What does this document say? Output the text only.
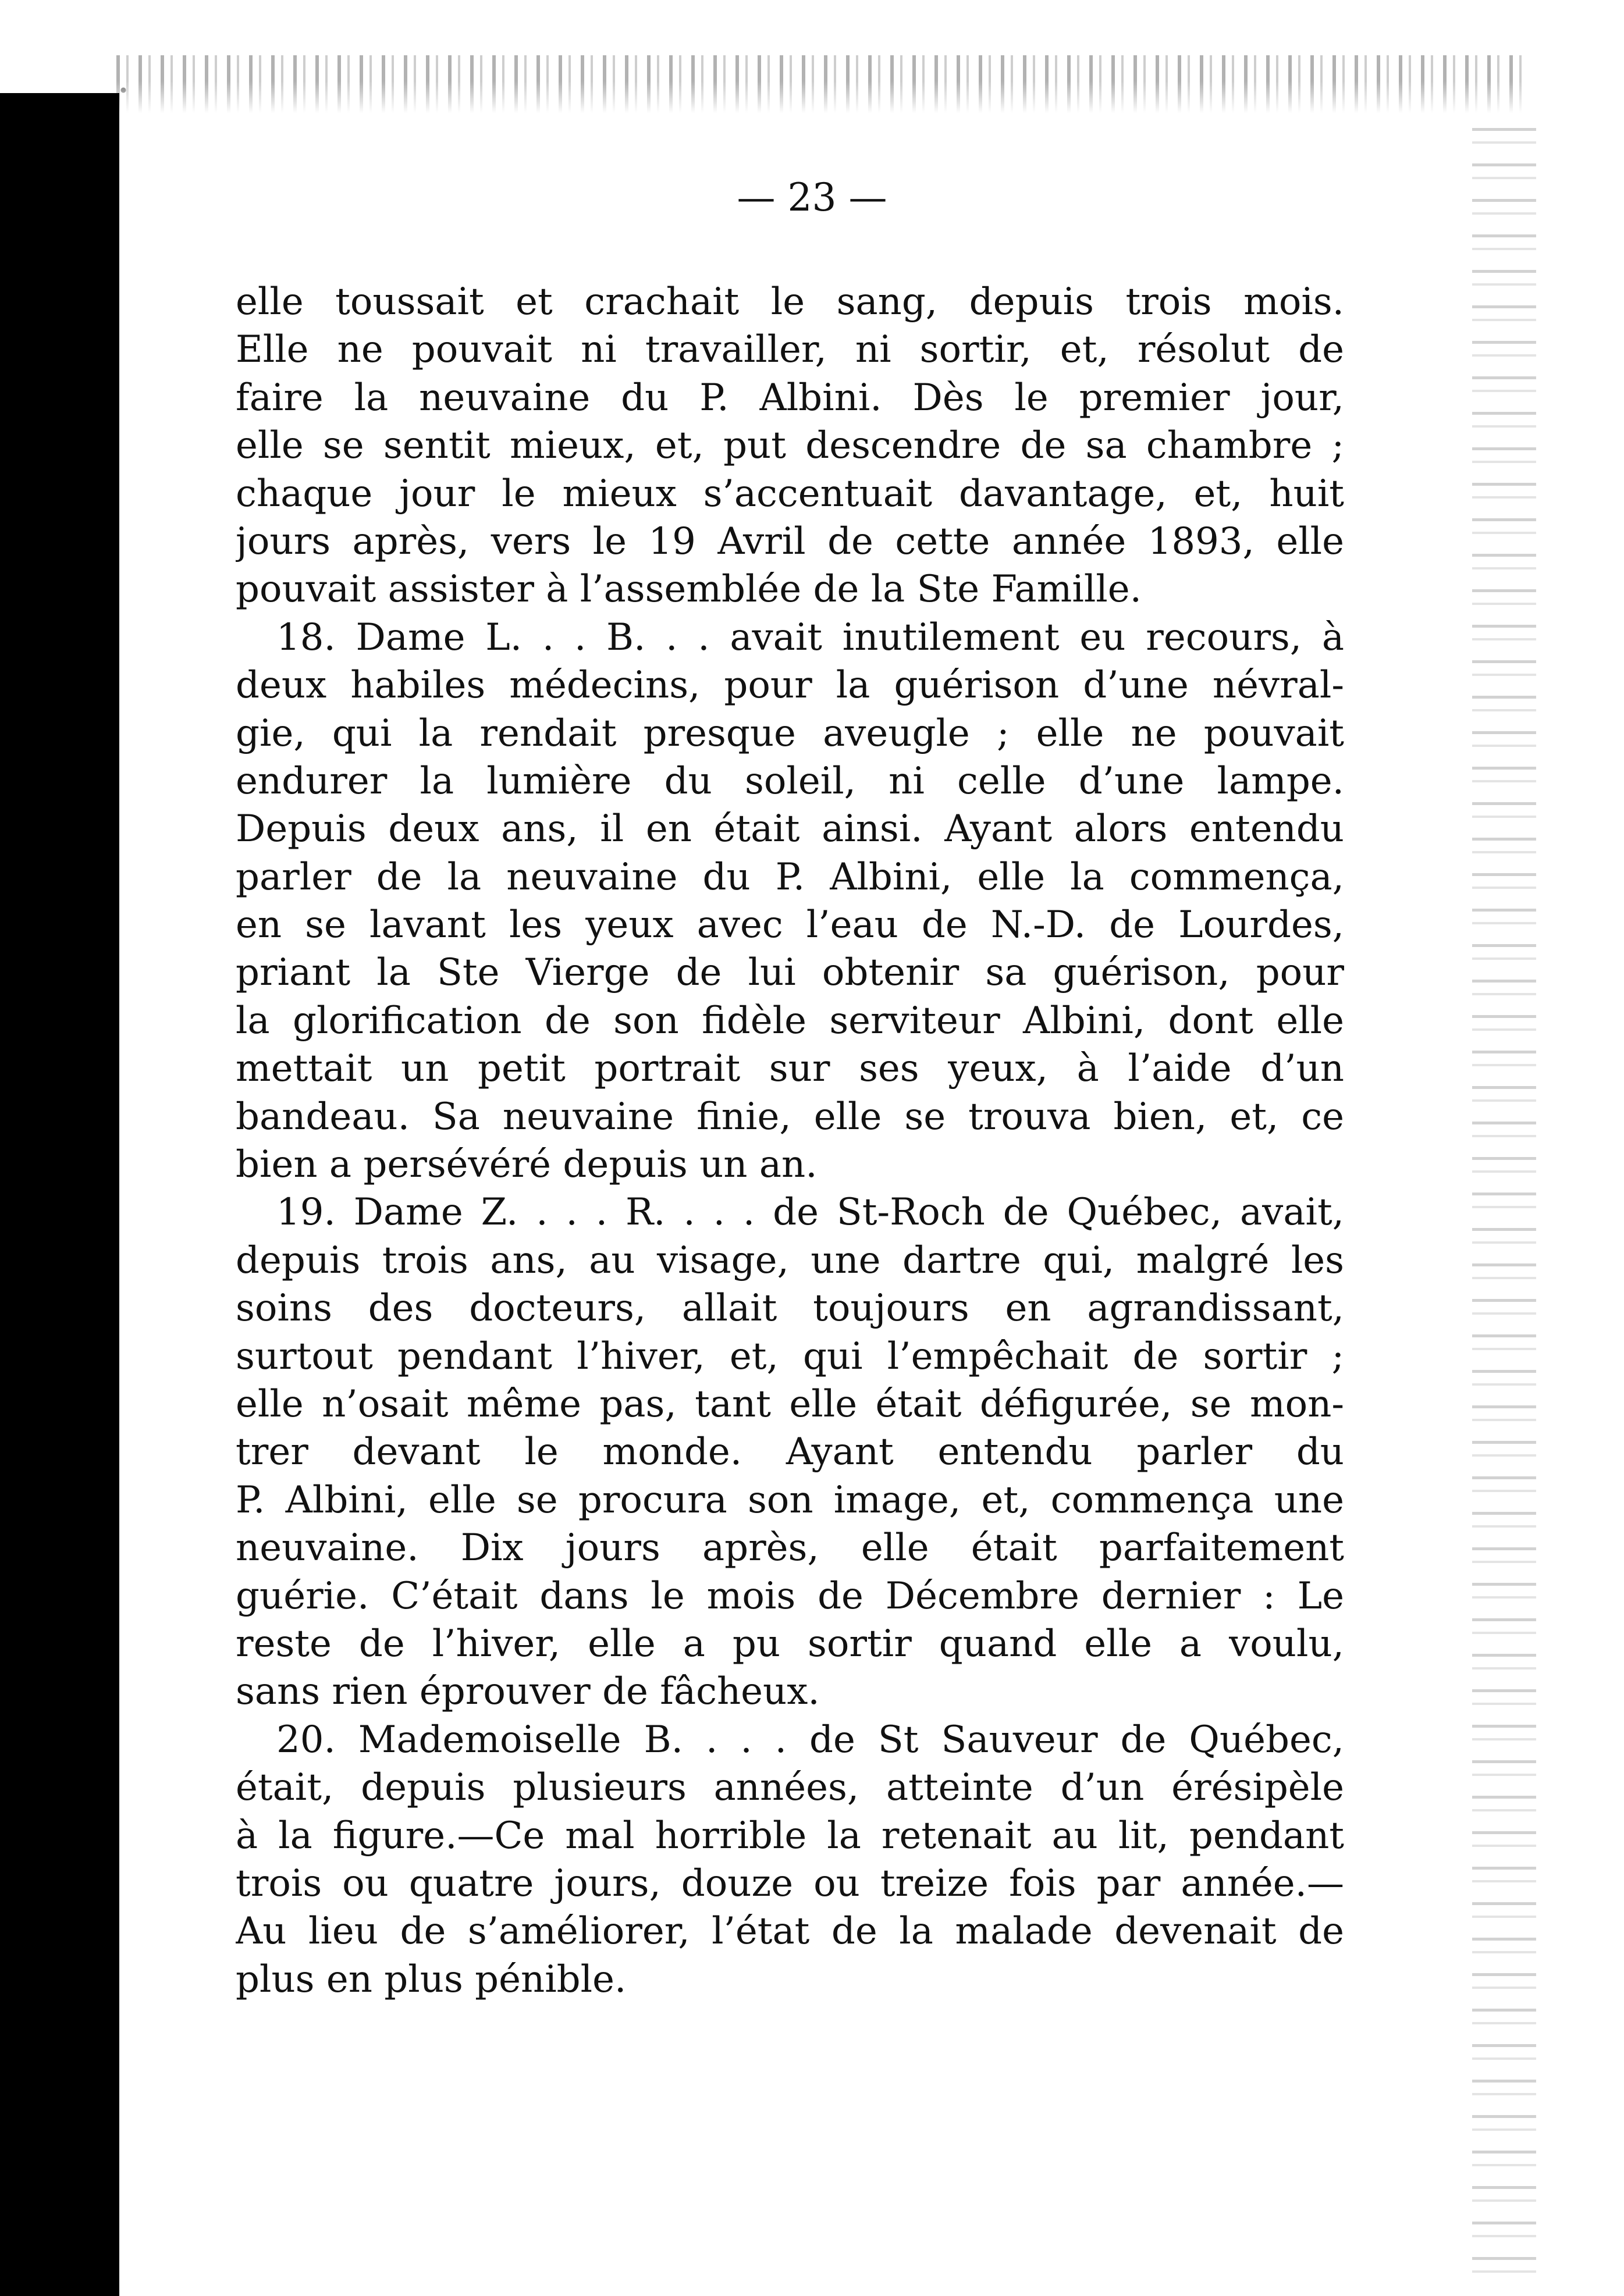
— 23 —
elle toussait et crachait le sang, depuis trois mois.
Elle ne pouvait ni travailler, ni sortir, et, résolut de
faire la neuvaine du P. Albini. Dès le premier jour,
elle se sentit mieux, et, put descendre de sa chambre ;
chaque jour le mieux s’accentuait davantage, et, huit
jours après, vers le 19 Avril de cette année 1893, elle
pouvait assister à l’assemblée de la Ste Famille.
18. Dame L. . . B. . . avait inutilement eu recours, à
deux habiles médecins, pour la guérison d’une névral-
gie, qui la rendait presque aveugle ; elle ne pouvait
endurer la lumière du soleil, ni celle d’une lampe.
Depuis deux ans, il en était ainsi. Ayant alors entendu
parler de la neuvaine du P. Albini, elle la commença,
en se lavant les yeux avec l’eau de N.-D. de Lourdes,
priant la Ste Vierge de lui obtenir sa guérison, pour
la glorification de son fidèle serviteur Albini, dont elle
mettait un petit portrait sur ses yeux, à l’aide d’un
bandeau. Sa neuvaine finie, elle se trouva bien, et, ce
bien a persévéré depuis un an.
19. Dame Z. . . . R. . . . de St-Roch de Québec, avait,
depuis trois ans, au visage, une dartre qui, malgré les
soins des docteurs, allait toujours en agrandissant,
surtout pendant l’hiver, et, qui l’empêchait de sortir ;
elle n’osait même pas, tant elle était défigurée, se mon-
trer devant le monde. Ayant entendu parler du
P. Albini, elle se procura son image, et, commença une
neuvaine. Dix jours après, elle était parfaitement
guérie. C’était dans le mois de Décembre dernier : Le
reste de l’hiver, elle a pu sortir quand elle a voulu,
sans rien éprouver de fâcheux.
20. Mademoiselle B. . . . de St Sauveur de Québec,
était, depuis plusieurs années, atteinte d’un érésipèle
à la figure.—Ce mal horrible la retenait au lit, pendant
trois ou quatre jours, douze ou treize fois par année.—
Au lieu de s’améliorer, l’état de la malade devenait de
plus en plus pénible.
